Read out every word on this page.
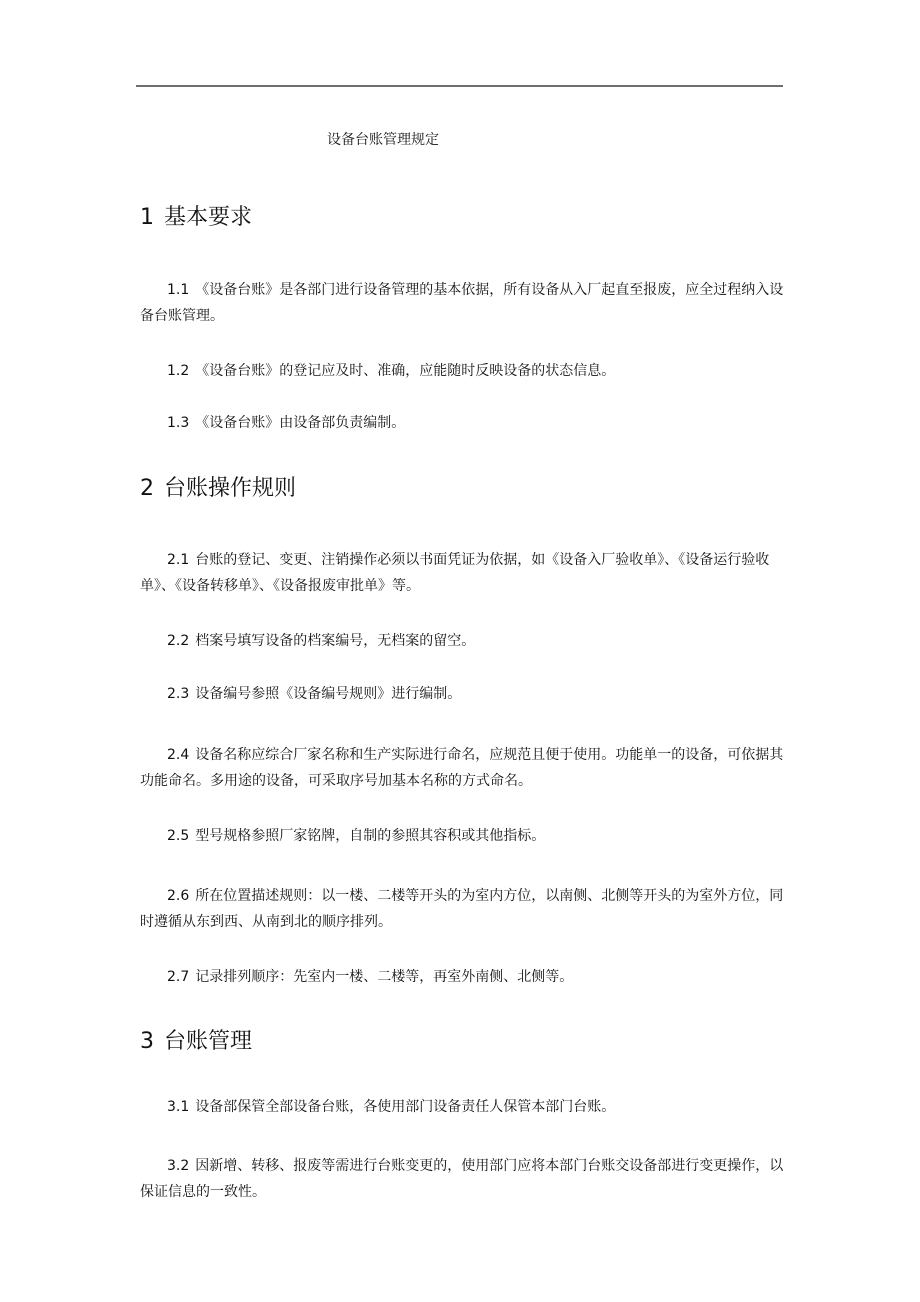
设备台账管理规定
1 基本要求

1.1 《设备台账》是各部门进行设备管理的基本依据，所有设备从入厂起直至报废，应全过程纳入设备台账管理。

1.2 《设备台账》的登记应及时、准确，应能随时反映设备的状态信息。

1.3 《设备台账》由设备部负责编制。

2 台账操作规则

2.1 台账的登记、变更、注销操作必须以书面凭证为依据，如《设备入厂验收单》、《设备运行验收单》、《设备转移单》、《设备报废审批单》等。

2.2 档案号填写设备的档案编号，无档案的留空。

2.3 设备编号参照《设备编号规则》进行编制。

2.4 设备名称应综合厂家名称和生产实际进行命名，应规范且便于使用。功能单一的设备，可依据其功能命名。多用途的设备，可采取序号加基本名称的方式命名。

2.5 型号规格参照厂家铭牌，自制的参照其容积或其他指标。

2.6 所在位置描述规则：以一楼、二楼等开头的为室内方位，以南侧、北侧等开头的为室外方位，同时遵循从东到西、从南到北的顺序排列。

2.7 记录排列顺序：先室内一楼、二楼等，再室外南侧、北侧等。

3 台账管理

3.1 设备部保管全部设备台账，各使用部门设备责任人保管本部门台账。

3.2 因新增、转移、报废等需进行台账变更的，使用部门应将本部门台账交设备部进行变更操作，以保证信息的一致性。
